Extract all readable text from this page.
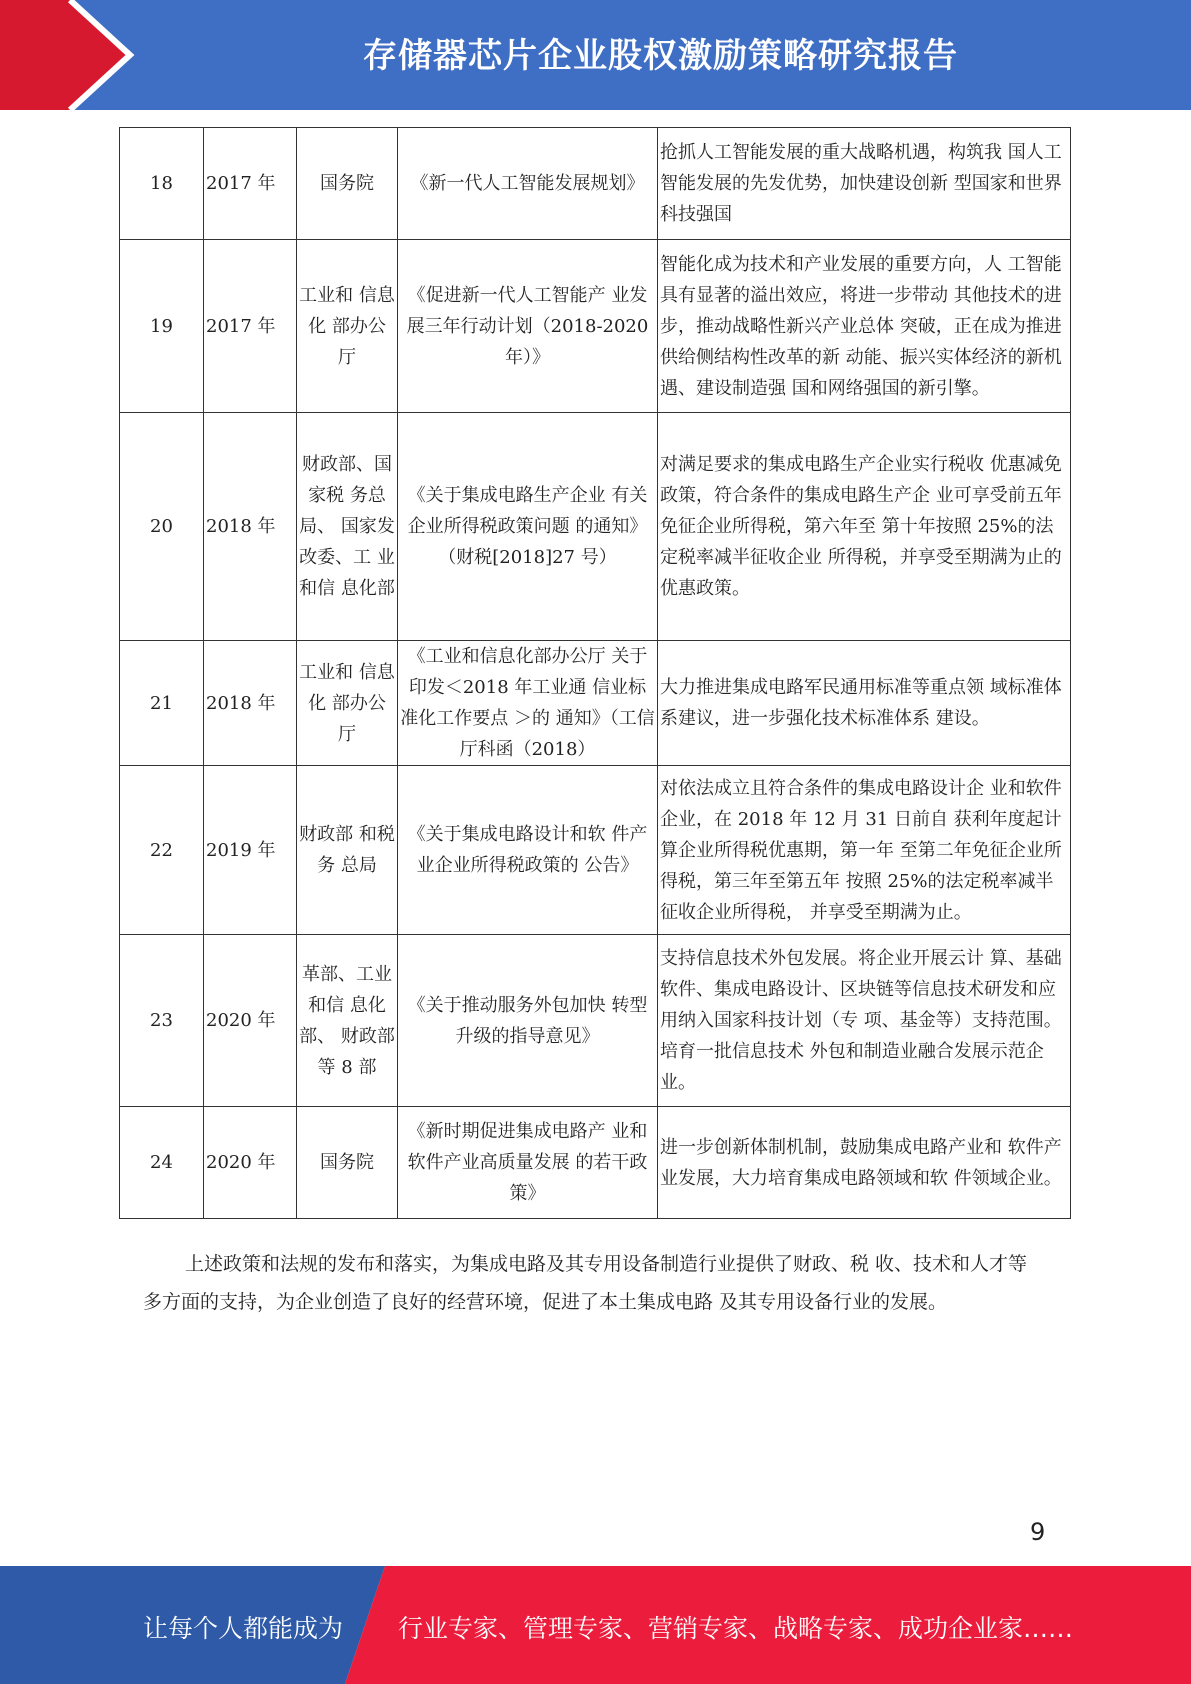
存储器芯片企业股权激励策略研究报告
18	2017 年	国务院	《新一代人工智能发展规划》	抢抓人工智能发展的重大战略机遇，构筑我 国人工智能发展的先发优势，加快建设创新 型国家和世界科技强国
19	2017 年	工业和 信息化 部办公 厅	《促进新一代人工智能产 业发展三年行动计划（2018-2020 年）》	智能化成为技术和产业发展的重要方向，人 工智能具有显著的溢出效应，将进一步带动 其他技术的进步，推动战略性新兴产业总体 突破，正在成为推进供给侧结构性改革的新 动能、振兴实体经济的新机遇、建设制造强 国和网络强国的新引擎。
20	2018 年	财政部、国家税 务总局、 国家发 改委、工 业和信 息化部	《关于集成电路生产企业 有关企业所得税政策问题 的通知》（财税[2018]27 号）	对满足要求的集成电路生产企业实行税收 优惠减免政策，符合条件的集成电路生产企 业可享受前五年免征企业所得税，第六年至 第十年按照 25%的法定税率减半征收企业 所得税，并享受至期满为止的优惠政策。
21	2018 年	工业和 信息化 部办公 厅	《工业和信息化部办公厅 关于印发＜2018 年工业通 信业标准化工作要点 ＞的 通知》（工信厅科函（2018）	大力推进集成电路军民通用标准等重点领 域标准体系建议，进一步强化技术标准体系 建设。
22	2019 年	财政部 和税务 总局	《关于集成电路设计和软 件产业企业所得税政策的 公告》	对依法成立且符合条件的集成电路设计企 业和软件企业，在 2018 年 12 月 31 日前自 获利年度起计算企业所得税优惠期，第一年 至第二年免征企业所得税，第三年至第五年 按照 25%的法定税率减半征收企业所得税， 并享受至期满为止。
23	2020 年	革部、工业和信 息化部、 财政部 等 8 部	《关于推动服务外包加快 转型升级的指导意见》	支持信息技术外包发展。将企业开展云计 算、基础软件、集成电路设计、区块链等信息技术研发和应用纳入国家科技计划（专 项、基金等）支持范围。培育一批信息技术 外包和制造业融合发展示范企业。
24	2020 年	国务院	《新时期促进集成电路产 业和软件产业高质量发展 的若干政策》	进一步创新体制机制，鼓励集成电路产业和 软件产业发展，大力培育集成电路领域和软 件领域企业。
上述政策和法规的发布和落实，为集成电路及其专用设备制造行业提供了财政、税 收、技术和人才等多方面的支持，为企业创造了良好的经营环境，促进了本土集成电路 及其专用设备行业的发展。
9
让每个人都能成为 行业专家、管理专家、营销专家、战略专家、成功企业家……
